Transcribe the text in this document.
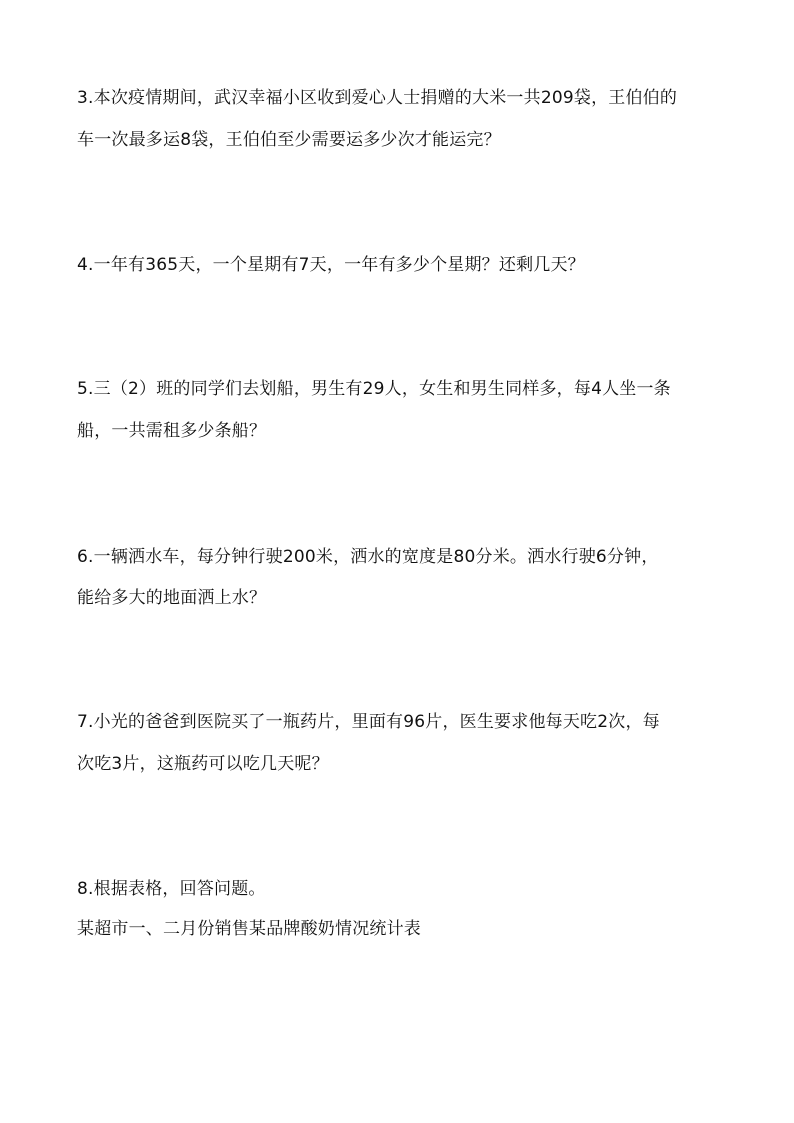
3.本次疫情期间，武汉幸福小区收到爱心人士捐赠的大米一共209袋，王伯伯的
车一次最多运8袋，王伯伯至少需要运多少次才能运完？
4.一年有365天，一个星期有7天，一年有多少个星期？还剩几天？
5.三（2）班的同学们去划船，男生有29人，女生和男生同样多，每4人坐一条
船，一共需租多少条船？
6.一辆洒水车，每分钟行驶200米，洒水的宽度是80分米。洒水行驶6分钟，
能给多大的地面洒上水？
7.小光的爸爸到医院买了一瓶药片，里面有96片，医生要求他每天吃2次，每
次吃3片，这瓶药可以吃几天呢？
8.根据表格，回答问题。
某超市一、二月份销售某品牌酸奶情况统计表
